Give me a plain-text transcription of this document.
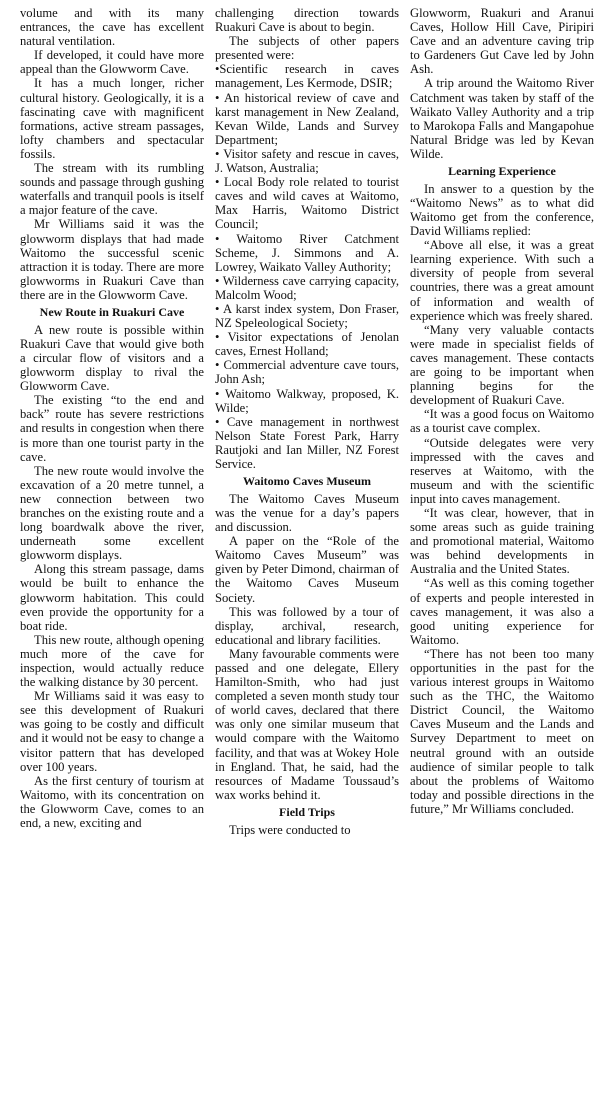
volume and with its many entrances, the cave has excellent natural ventilation.

If developed, it could have more appeal than the Glowworm Cave.

It has a much longer, richer cultural history. Geologically, it is a fascinating cave with magnificent formations, active stream passages, lofty chambers and spectacular fossils.

The stream with its rumbling sounds and passage through gushing waterfalls and tranquil pools is itself a major feature of the cave.

Mr Williams said it was the glowworm displays that had made Waitomo the successful scenic attraction it is today. There are more glowworms in Ruakuri Cave than there are in the Glowworm Cave.

New Route in Ruakuri Cave

A new route is possible within Ruakuri Cave that would give both a circular flow of visitors and a glowworm display to rival the Glowworm Cave.

The existing “to the end and back” route has severe restrictions and results in congestion when there is more than one tourist party in the cave.

The new route would involve the excavation of a 20 metre tunnel, a new connection between two branches on the existing route and a long boardwalk above the river, underneath some excellent glowworm displays.

Along this stream passage, dams would be built to enhance the glowworm habitation. This could even provide the opportunity for a boat ride.

This new route, although opening much more of the cave for inspection, would actually reduce the walking distance by 30 percent.

Mr Williams said it was easy to see this development of Ruakuri was going to be costly and difficult and it would not be easy to change a visitor pattern that has developed over 100 years.

As the first century of tourism at Waitomo, with its concentration on the Glowworm Cave, comes to an end, a new, exciting and

challenging direction towards Ruakuri Cave is about to begin.

The subjects of other papers presented were:

•Scientific research in caves management, Les Kermode, DSIR;

• An historical review of cave and karst management in New Zealand, Kevan Wilde, Lands and Survey Department;

• Visitor safety and rescue in caves, J. Watson, Australia;

• Local Body role related to tourist caves and wild caves at Waitomo, Max Harris, Waitomo District Council;

• Waitomo River Catchment Scheme, J. Simmons and A. Lowrey, Waikato Valley Authority;

• Wilderness cave carrying capacity, Malcolm Wood;

• A karst index system, Don Fraser, NZ Speleological Society;

• Visitor expectations of Jenolan caves, Ernest Holland;

• Commercial adventure cave tours, John Ash;

• Waitomo Walkway, proposed, K. Wilde;

• Cave management in northwest Nelson State Forest Park, Harry Rautjoki and Ian Miller, NZ Forest Service.

Waitomo Caves Museum

The Waitomo Caves Museum was the venue for a day’s papers and discussion.

A paper on the “Role of the Waitomo Caves Museum” was given by Peter Dimond, chairman of the Waitomo Caves Museum Society.

This was followed by a tour of display, archival, research, educational and library facilities.

Many favourable comments were passed and one delegate, Ellery Hamilton-Smith, who had just completed a seven month study tour of world caves, declared that there was only one similar museum that would compare with the Waitomo facility, and that was at Wokey Hole in England. That, he said, had the resources of Madame Toussaud’s wax works behind it.

Field Trips

Trips were conducted to

Glowworm, Ruakuri and Aranui Caves, Hollow Hill Cave, Piripiri Cave and an adventure caving trip to Gardeners Gut Cave led by John Ash.

A trip around the Waitomo River Catchment was taken by staff of the Waikato Valley Authority and a trip to Marokopa Falls and Mangapohue Natural Bridge was led by Kevan Wilde.

Learning Experience

In answer to a question by the “Waitomo News” as to what did Waitomo get from the conference, David Williams replied:

“Above all else, it was a great learning experience. With such a diversity of people from several countries, there was a great amount of information and wealth of experience which was freely shared.

“Many very valuable contacts were made in specialist fields of caves management. These contacts are going to be important when planning begins for the development of Ruakuri Cave.

“It was a good focus on Waitomo as a tourist cave complex.

“Outside delegates were very impressed with the caves and reserves at Waitomo, with the museum and with the scientific input into caves management.

“It was clear, however, that in some areas such as guide training and promotional material, Waitomo was behind developments in Australia and the United States.

“As well as this coming together of experts and people interested in caves management, it was also a good uniting experience for Waitomo.

“There has not been too many opportunities in the past for the various interest groups in Waitomo such as the THC, the Waitomo District Council, the Waitomo Caves Museum and the Lands and Survey Department to meet on neutral ground with an outside audience of similar people to talk about the problems of Waitomo today and possible directions in the future,” Mr Williams concluded.
